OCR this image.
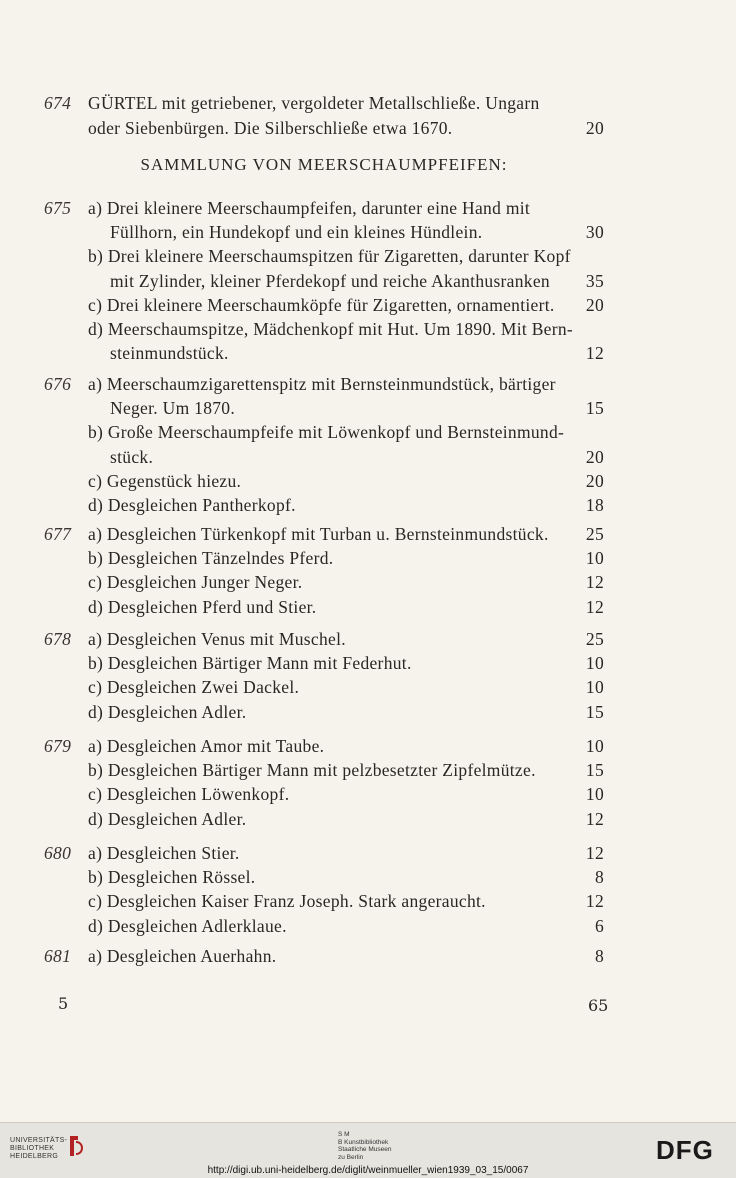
674 GÜRTEL mit getriebener, vergoldeter Metallschließe. Ungarn
oder Siebenbürgen. Die Silberschließe etwa 1670.	20
SAMMLUNG VON MEERSCHAUMPFEIFEN:
675 a) Drei kleinere Meerschaumpfeifen, darunter eine Hand mit
Füllhorn, ein Hundekopf und ein kleines Hündlein.	30
b) Drei kleinere Meerschaumspitzen für Zigaretten, darunter Kopf
mit Zylinder, kleiner Pferdekopf und reiche Akanthusranken 35
c) Drei kleinere Meerschaumköpfe für Zigaretten, ornamentiert. 20
d) Meerschaumspitze, Mädchenkopf mit Hut. Um 1890. Mit Bern-
steinmundstück.	12
676 a) Meerschaumzigarettenspitz mit Bernsteinmundstück, bärtiger
Neger. Um 1870.	15
b) Große Meerschaumpfeife mit Löwenkopf und Bernsteinmund-
stück.	20
c) Gegenstück hiezu.	20
d) Desgleichen Pantherkopf.	18
677 a) Desgleichen Türkenkopf mit Turban u. Bernsteinmundstück. 25
b) Desgleichen Tänzelndes Pferd.	10
c) Desgleichen Junger Neger.	12
d) Desgleichen Pferd und Stier.	12
678 a) Desgleichen Venus mit Muschel.	25
b) Desgleichen Bärtiger Mann mit Federhut.	10
c) Desgleichen Zwei Dackel.	10
d) Desgleichen Adler.	15
679 a) Desgleichen Amor mit Taube.	10
b) Desgleichen Bärtiger Mann mit pelzbesetzter Zipfelmütze.	15
c) Desgleichen Löwenkopf.	10
d) Desgleichen Adler.	12
680 a) Desgleichen Stier.	12
b) Desgleichen Rössel.	8
c) Desgleichen Kaiser Franz Joseph. Stark angeraucht.	12
d) Desgleichen Adlerklaue.	6
681 a) Desgleichen Auerhahn.	8
5	65
UNIVERSITÄTS-
BIBLIOTHEK
HEIDELBERG
S M
B Kunstbibliothek
Staatliche Museen
zu Berlin
http://digi.ub.uni-heidelberg.de/diglit/weinmueller_wien1939_03_15/0067
DFG
